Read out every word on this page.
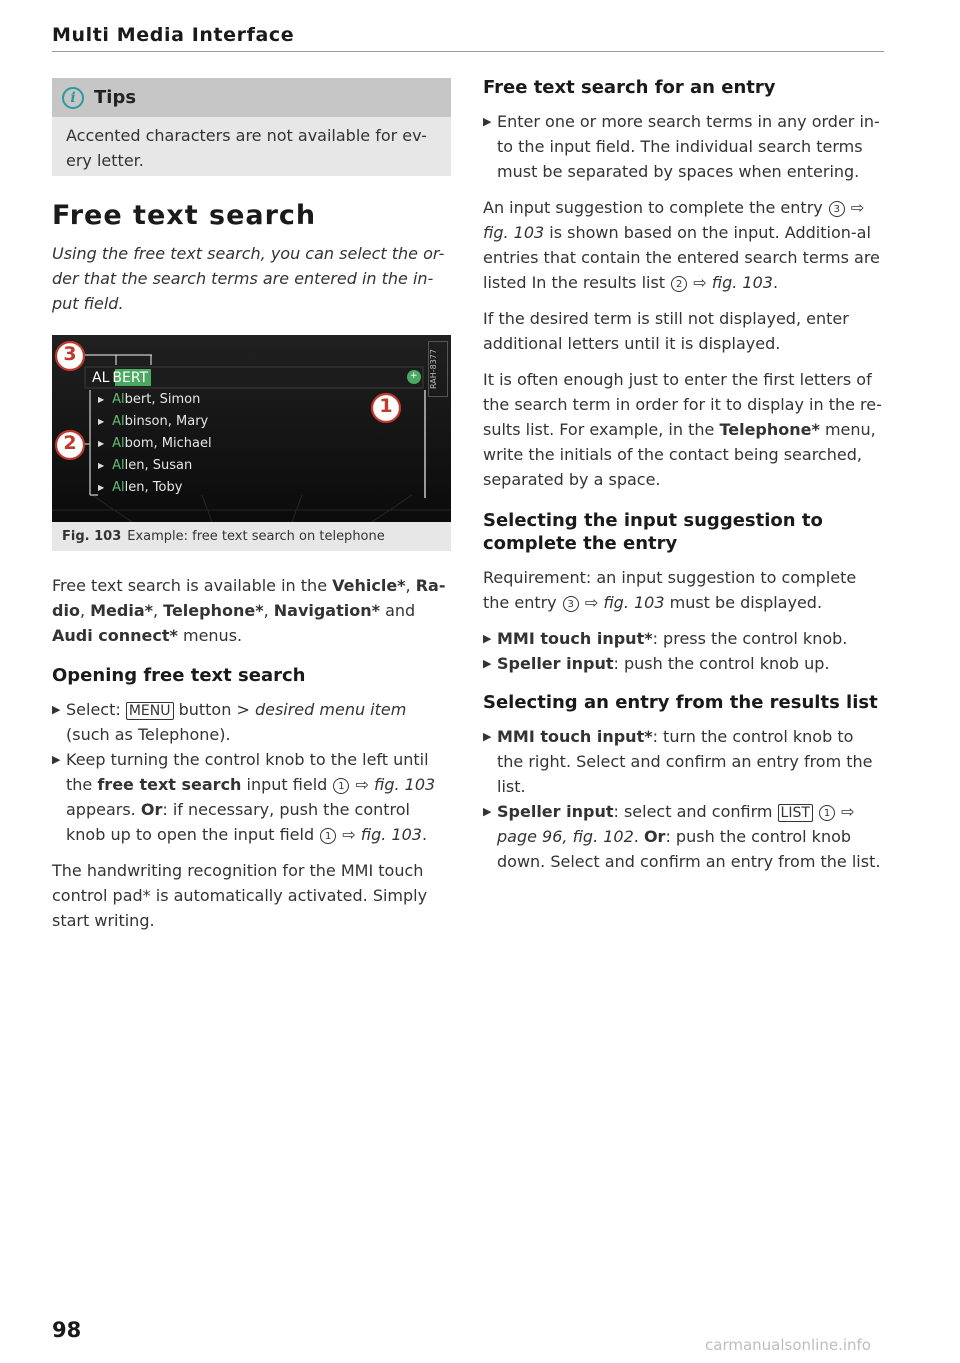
Multi Media Interface
i	Tips
Accented characters are not available for ev-ery letter.
Free text search
Using the free text search, you can select the or-der that the search terms are entered in the in-put field.
3
1
2
AL BERT	+
▶ Al bert, Simon
▶ Al binson, Mary
▶ Al bom, Michael
▶ Al len, Susan
▶ Al len, Toby
RAH-8377
Fig. 103 Example: free text search on telephone

Free text search is available in the Vehicle*, Ra-dio, Media*, Telephone*, Navigation* and Audi connect* menus.

Opening free text search
▶ Select: MENU button > desired menu item (such as Telephone).
▶ Keep turning the control knob to the left until the free text search input field 1 ⇨ fig. 103 appears. Or: if necessary, push the control knob up to open the input field 1 ⇨ fig. 103.

The handwriting recognition for the MMI touch control pad* is automatically activated. Simply start writing.

Free text search for an entry
▶ Enter one or more search terms in any order in-to the input field. The individual search terms must be separated by spaces when entering.

An input suggestion to complete the entry 3 ⇨ fig. 103 is shown based on the input. Addition-al entries that contain the entered search terms are listed In the results list 2 ⇨ fig. 103.

If the desired term is still not displayed, enter additional letters until it is displayed.

It is often enough just to enter the first letters of the search term in order for it to display in the re-sults list. For example, in the Telephone* menu, write the initials of the contact being searched, separated by a space.

Selecting the input suggestion to complete the entry

Requirement: an input suggestion to complete the entry 3 ⇨ fig. 103 must be displayed.

▶ MMI touch input*: press the control knob.
▶ Speller input: push the control knob up.
Selecting an entry from the results list
▶ MMI touch input*: turn the control knob to the right. Select and confirm an entry from the list.
▶ Speller input: select and confirm LIST 1 ⇨ page 96, fig. 102. Or: push the control knob down. Select and confirm an entry from the list.
98
carmanualsonline.info
